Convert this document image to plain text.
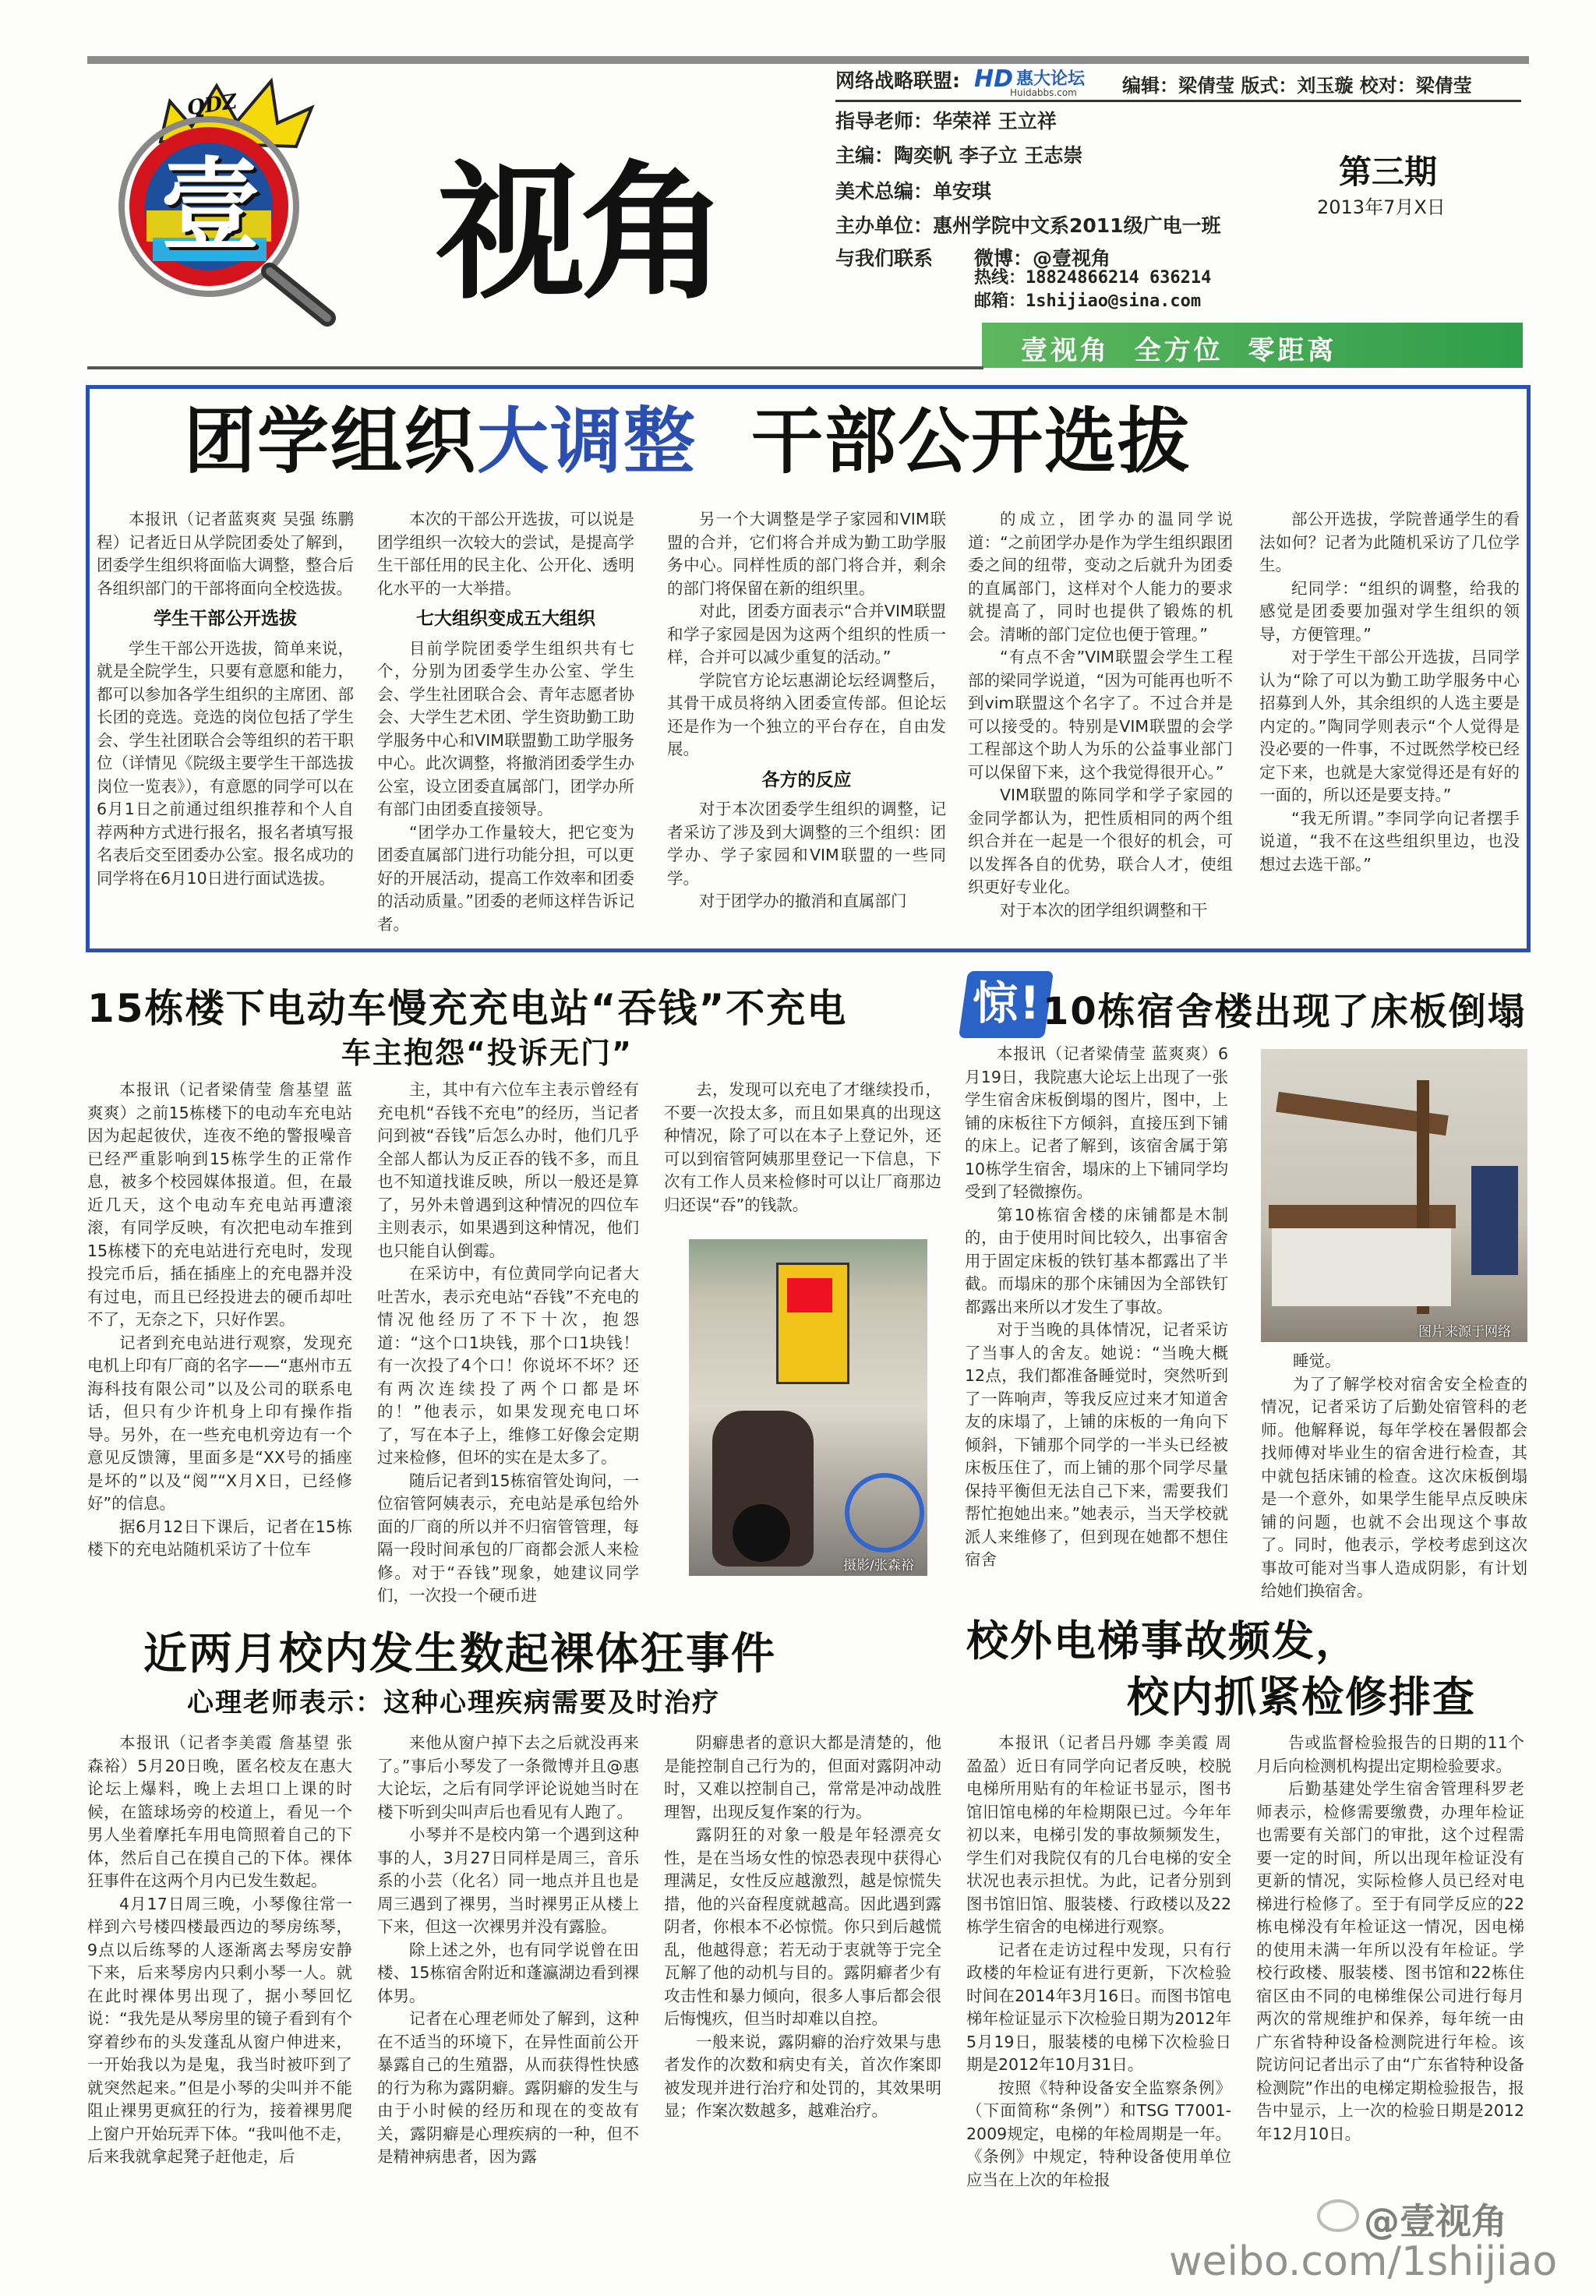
QDZ
壹 视角
网络战略联盟: HD 惠大论坛
Huidabbs.com 编辑：梁倩莹 版式：刘玉璇 校对：梁倩莹
指导老师：华荣祥 王立祥
主编：陶奕帆 李子立 王志崇
美术总编：单安琪
主办单位：惠州学院中文系2011级广电一班
与我们联系 微博：@壹视角
热线：18824866214 636214
邮箱：1shijiao@sina.com
第三期
2013年7月X日
壹视角  全方位  零距离
团学组织大调整 干部公开选拔

本报讯（记者蓝爽爽 吴强 练鹏程）记者近日从学院团委处了解到，团委学生组织将面临大调整，整合后各组织部门的干部将面向全校选拔。

学生干部公开选拔

学生干部公开选拔，简单来说，就是全院学生，只要有意愿和能力，都可以参加各学生组织的主席团、部长团的竞选。竞选的岗位包括了学生会、学生社团联合会等组织的若干职位（详情见《院级主要学生干部选拔岗位一览表》），有意愿的同学可以在6月1日之前通过组织推荐和个人自荐两种方式进行报名，报名者填写报名表后交至团委办公室。报名成功的同学将在6月10日进行面试选拔。

本次的干部公开选拔，可以说是团学组织一次较大的尝试，是提高学生干部任用的民主化、公开化、透明化水平的一大举措。

七大组织变成五大组织

目前学院团委学生组织共有七个，分别为团委学生办公室、学生会、学生社团联合会、青年志愿者协会、大学生艺术团、学生资助勤工助学服务中心和VIM联盟勤工助学服务中心。此次调整，将撤消团委学生办公室，设立团委直属部门，团学办所有部门由团委直接领导。

“团学办工作量较大，把它变为团委直属部门进行功能分担，可以更好的开展活动，提高工作效率和团委的活动质量。”团委的老师这样告诉记者。

另一个大调整是学子家园和VIM联盟的合并，它们将合并成为勤工助学服务中心。同样性质的部门将合并，剩余的部门将保留在新的组织里。

对此，团委方面表示“合并VIM联盟和学子家园是因为这两个组织的性质一样，合并可以减少重复的活动。”

学院官方论坛惠湖论坛经调整后，其骨干成员将纳入团委宣传部。但论坛还是作为一个独立的平台存在，自由发展。

各方的反应

对于本次团委学生组织的调整，记者采访了涉及到大调整的三个组织：团学办、学子家园和VIM联盟的一些同学。

对于团学办的撤消和直属部门

的成立，团学办的温同学说道：“之前团学办是作为学生组织跟团委之间的纽带，变动之后就升为团委的直属部门，这样对个人能力的要求就提高了，同时也提供了锻炼的机会。清晰的部门定位也便于管理。”

“有点不舍”VIM联盟会学生工程部的梁同学说道，“因为可能再也听不到vim联盟这个名字了。不过合并是可以接受的。特别是VIM联盟的会学工程部这个助人为乐的公益事业部门可以保留下来，这个我觉得很开心。”

VIM联盟的陈同学和学子家园的金同学都认为，把性质相同的两个组织合并在一起是一个很好的机会，可以发挥各自的优势，联合人才，使组织更好专业化。

对于本次的团学组织调整和干

部公开选拔，学院普通学生的看法如何？记者为此随机采访了几位学生。

纪同学：“组织的调整，给我的感觉是团委要加强对学生组织的领导，方便管理。”

对于学生干部公开选拔，吕同学认为“除了可以为勤工助学服务中心招募到人外，其余组织的人选主要是内定的。”陶同学则表示“个人觉得是没必要的一件事，不过既然学校已经定下来，也就是大家觉得还是有好的一面的，所以还是要支持。”

“我无所谓。”李同学向记者摆手说道，“我不在这些组织里边，也没想过去选干部。”

15栋楼下电动车慢充充电站“吞钱”不充电
车主抱怨“投诉无门”

本报讯（记者梁倩莹 詹基望 蓝爽爽）之前15栋楼下的电动车充电站因为起起彼伏，连夜不绝的警报噪音已经严重影响到15栋学生的正常作息，被多个校园媒体报道。但，在最近几天，这个电动车充电站再遭滚滚，有同学反映，有次把电动车推到15栋楼下的充电站进行充电时，发现投完币后，插在插座上的充电器并没有过电，而且已经投进去的硬币却吐不了，无奈之下，只好作罢。

记者到充电站进行观察，发现充电机上印有厂商的名字——“惠州市五海科技有限公司”以及公司的联系电话，但只有少许机身上印有操作指导。另外，在一些充电机旁边有一个意见反馈簿，里面多是“XX号的插座是坏的”以及“阅”“X月X日，已经修好”的信息。

据6月12日下课后，记者在15栋楼下的充电站随机采访了十位车

主，其中有六位车主表示曾经有充电机“吞钱不充电”的经历，当记者问到被“吞钱”后怎么办时，他们几乎全部人都认为反正吞的钱不多，而且也不知道找谁反映，所以一般还是算了，另外未曾遇到这种情况的四位车主则表示，如果遇到这种情况，他们也只能自认倒霉。

在采访中，有位黄同学向记者大吐苦水，表示充电站“吞钱”不充电的情况他经历了不下十次，抱怨道：“这个口1块钱，那个口1块钱！有一次投了4个口！你说坏不坏？还有两次连续投了两个口都是坏的！”他表示，如果发现充电口坏了，写在本子上，维修工好像会定期过来检修，但坏的实在是太多了。

随后记者到15栋宿管处询问，一位宿管阿姨表示，充电站是承包给外面的厂商的所以并不归宿管管理，每隔一段时间承包的厂商都会派人来检修。对于“吞钱”现象，她建议同学们，一次投一个硬币进

去，发现可以充电了才继续投币，不要一次投太多，而且如果真的出现这种情况，除了可以在本子上登记外，还可以到宿管阿姨那里登记一下信息，下次有工作人员来检修时可以让厂商那边归还误“吞”的钱款。

摄影/张森裕
惊! 10栋宿舍楼出现了床板倒塌

本报讯（记者梁倩莹 蓝爽爽）6月19日，我院惠大论坛上出现了一张学生宿舍床板倒塌的图片，图中，上铺的床板往下方倾斜，直接压到下铺的床上。记者了解到，该宿舍属于第10栋学生宿舍，塌床的上下铺同学均受到了轻微擦伤。

第10栋宿舍楼的床铺都是木制的，由于使用时间比较久，出事宿舍用于固定床板的铁钉基本都露出了半截。而塌床的那个床铺因为全部铁钉都露出来所以才发生了事故。

对于当晚的具体情况，记者采访了当事人的舍友。她说：“当晚大概12点，我们都准备睡觉时，突然听到了一阵响声，等我反应过来才知道舍友的床塌了，上铺的床板的一角向下倾斜，下铺那个同学的一半头已经被床板压住了，而上铺的那个同学尽量保持平衡但无法自己下来，需要我们帮忙抱她出来。”她表示，当天学校就派人来维修了，但到现在她都不想住宿舍

图片来源于网络

睡觉。

为了了解学校对宿舍安全检查的情况，记者采访了后勤处宿管科的老师。他解释说，每年学校在暑假都会找师傅对毕业生的宿舍进行检查，其中就包括床铺的检查。这次床板倒塌是一个意外，如果学生能早点反映床铺的问题，也就不会出现这个事故了。同时，他表示，学校考虑到这次事故可能对当事人造成阴影，有计划给她们换宿舍。

近两月校内发生数起裸体狂事件
心理老师表示：这种心理疾病需要及时治疗

本报讯（记者李美霞 詹基望 张森裕）5月20日晚，匿名校友在惠大论坛上爆料，晚上去坦口上课的时候，在篮球场旁的校道上，看见一个男人坐着摩托车用电筒照着自己的下体，然后自己在摸自己的下体。裸体狂事件在这两个月内已发生数起。

4月17日周三晚，小琴像往常一样到六号楼四楼最西边的琴房练琴，9点以后练琴的人逐渐离去琴房安静下来，后来琴房内只剩小琴一人。就在此时裸体男出现了，据小琴回忆说：“我先是从琴房里的镜子看到有个穿着纱布的头发蓬乱从窗户伸进来，一开始我以为是鬼，我当时被吓到了就突然起来。”但是小琴的尖叫并不能阻止裸男更疯狂的行为，接着裸男爬上窗户开始玩弄下体。“我叫他不走，后来我就拿起凳子赶他走，后

来他从窗户掉下去之后就没再来了。”事后小琴发了一条微博并且@惠大论坛，之后有同学评论说她当时在楼下听到尖叫声后也看见有人跑了。

小琴并不是校内第一个遇到这种事的人，3月27日同样是周三，音乐系的小芸（化名）同一地点并且也是周三遇到了裸男，当时裸男正从楼上下来，但这一次裸男并没有露脸。

除上述之外，也有同学说曾在田楼、15栋宿舍附近和蓬瀛湖边看到裸体男。

记者在心理老师处了解到，这种在不适当的环境下，在异性面前公开暴露自己的生殖器，从而获得性快感的行为称为露阴癖。露阴癖的发生与由于小时候的经历和现在的变故有关，露阴癖是心理疾病的一种，但不是精神病患者，因为露

阴癖患者的意识大都是清楚的，他是能控制自己行为的，但面对露阴冲动时，又难以控制自己，常常是冲动战胜理智，出现反复作案的行为。

露阴狂的对象一般是年轻漂亮女性，是在当场女性的惊恐表现中获得心理满足，女性反应越激烈，越是惊慌失措，他的兴奋程度就越高。因此遇到露阴者，你根本不必惊慌。你只到后越慌乱，他越得意；若无动于衷就等于完全瓦解了他的动机与目的。露阴癖者少有攻击性和暴力倾向，很多人事后都会很后悔愧疚，但当时却难以自控。

一般来说，露阴癖的治疗效果与患者发作的次数和病史有关，首次作案即被发现并进行治疗和处罚的，其效果明显；作案次数越多，越难治疗。

校外电梯事故频发，
校内抓紧检修排查

本报讯（记者吕丹娜 李美霞 周盈盈）近日有同学向记者反映，校脱电梯所用贴有的年检证书显示，图书馆旧馆电梯的年检期限已过。今年年初以来，电梯引发的事故频频发生，学生们对我院仅有的几台电梯的安全状况也表示担忧。为此，记者分别到图书馆旧馆、服装楼、行政楼以及22栋学生宿舍的电梯进行观察。

记者在走访过程中发现，只有行政楼的年检证有进行更新，下次检验时间在2014年3月16日。而图书馆电梯年检证显示下次检验日期为2012年5月19日，服装楼的电梯下次检验日期是2012年10月31日。

按照《特种设备安全监察条例》（下面简称“条例”）和TSG T7001-2009规定，电梯的年检周期是一年。《条例》中规定，特种设备使用单位应当在上次的年检报

告或监督检验报告的日期的11个月后向检测机构提出定期检验要求。

后勤基建处学生宿舍管理科罗老师表示，检修需要缴费，办理年检证也需要有关部门的审批，这个过程需要一定的时间，所以出现年检证没有更新的情况，实际检修人员已经对电梯进行检修了。至于有同学反应的22栋电梯没有年检证这一情况，因电梯的使用未满一年所以没有年检证。学校行政楼、服装楼、图书馆和22栋住宿区由不同的电梯维保公司进行每月两次的常规维护和保养，每年统一由广东省特种设备检测院进行年检。该院访问记者出示了由“广东省特种设备检测院”作出的电梯定期检验报告，报告中显示，上一次的检验日期是2012年12月10日。

@壹视角
weibo.com/1shijiao
